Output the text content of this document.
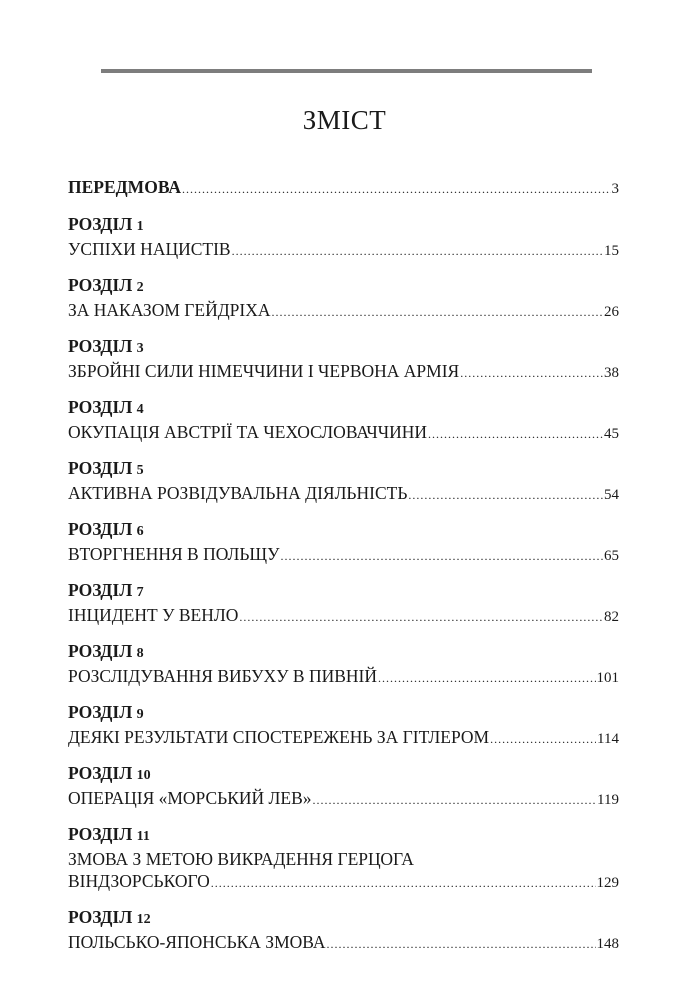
ЗМІСТ
ПЕРЕДМОВА .....	3
РОЗДІЛ 1
УСПІХИ НАЦИСТІВ .....	15
РОЗДІЛ 2
ЗА НАКАЗОМ ГЕЙДРІХА .....	26
РОЗДІЛ 3
ЗБРОЙНІ СИЛИ НІМЕЧЧИНИ І ЧЕРВОНА АРМІЯ .....	38
РОЗДІЛ 4
ОКУПАЦІЯ АВСТРІЇ ТА ЧЕХОСЛОВАЧЧИНИ .....	45
РОЗДІЛ 5
АКТИВНА РОЗВІДУВАЛЬНА ДІЯЛЬНІСТЬ .....	54
РОЗДІЛ 6
ВТОРГНЕННЯ В ПОЛЬЩУ .....	65
РОЗДІЛ 7
ІНЦИДЕНТ У ВЕНЛО .....	82
РОЗДІЛ 8
РОЗСЛІДУВАННЯ ВИБУХУ В ПИВНІЙ .....	101
РОЗДІЛ 9
ДЕЯКІ РЕЗУЛЬТАТИ СПОСТЕРЕЖЕНЬ ЗА ГІТЛЕРОМ .....	114
РОЗДІЛ 10
ОПЕРАЦІЯ «МОРСЬКИЙ ЛЕВ» .....	119
РОЗДІЛ 11
ЗМОВА З МЕТОЮ ВИКРАДЕННЯ ГЕРЦОГА
ВІНДЗОРСЬКОГО .....	129
РОЗДІЛ 12
ПОЛЬСЬКО-ЯПОНСЬКА ЗМОВА .....	148
